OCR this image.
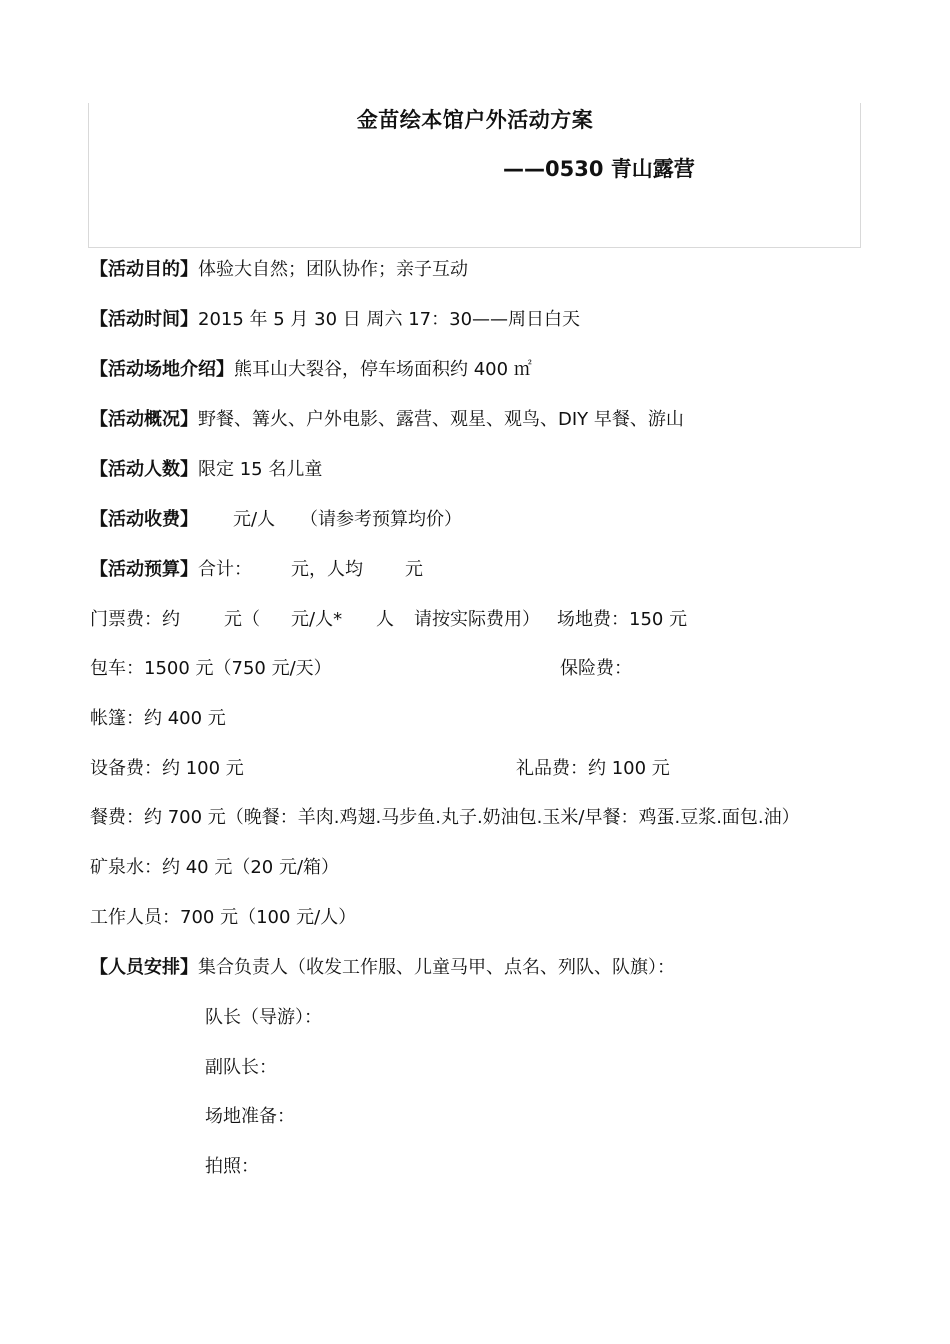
金苗绘本馆户外活动方案
——0530 青山露营
【活动目的】体验大自然；团队协作；亲子互动
【活动时间】2015 年 5 月 30 日 周六 17：30——周日白天
【活动场地介绍】熊耳山大裂谷，停车场面积约 400 ㎡
【活动概况】野餐、篝火、户外电影、露营、观星、观鸟、DIY 早餐、游山
【活动人数】限定 15 名儿童
【活动收费】 元/人 （请参考预算均价）
【活动预算】合计： 元，人均 元
门票费：约 元（ 元/人* 人 请按实际费用） 场地费：150 元
包车：1500 元（750 元/天）	保险费：
帐篷：约 400 元
设备费：约 100 元	礼品费：约 100 元
餐费：约 700 元（晚餐：羊肉.鸡翅.马步鱼.丸子.奶油包.玉米/早餐：鸡蛋.豆浆.面包.油）
矿泉水：约 40 元（20 元/箱）
工作人员：700 元（100 元/人）
【人员安排】集合负责人（收发工作服、儿童马甲、点名、列队、队旗）：
队长（导游）：
副队长：
场地准备：
拍照：
